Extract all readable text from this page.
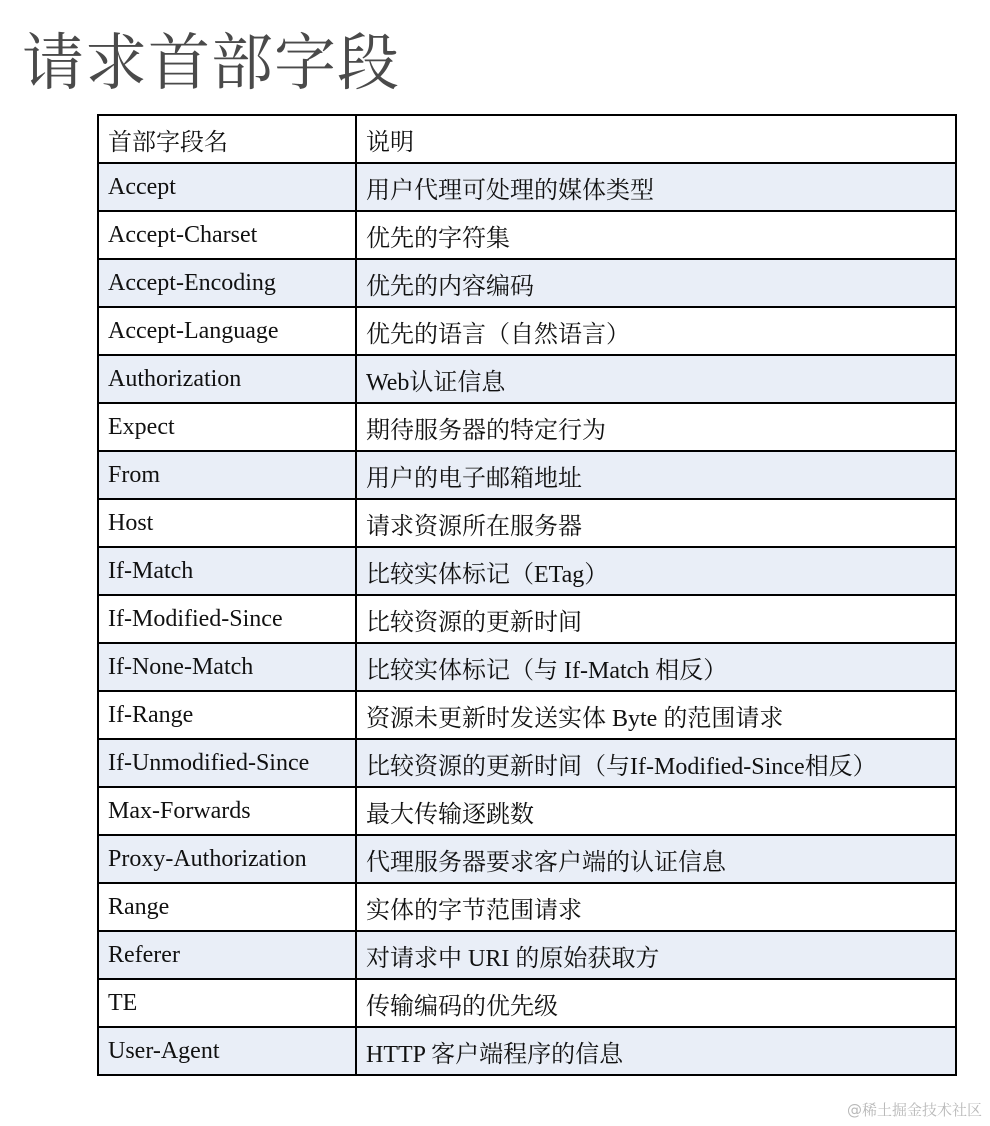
请求首部字段
首部字段名	说明
Accept	用户代理可处理的媒体类型
Accept-Charset	优先的字符集
Accept-Encoding	优先的内容编码
Accept-Language	优先的语言（自然语言）
Authorization	Web认证信息
Expect	期待服务器的特定行为
From	用户的电子邮箱地址
Host	请求资源所在服务器
If-Match	比较实体标记（ETag）
If-Modified-Since	比较资源的更新时间
If-None-Match	比较实体标记（与 If-Match 相反）
If-Range	资源未更新时发送实体 Byte 的范围请求
If-Unmodified-Since	比较资源的更新时间（与If-Modified-Since相反）
Max-Forwards	最大传输逐跳数
Proxy-Authorization	代理服务器要求客户端的认证信息
Range	实体的字节范围请求
Referer	对请求中 URI 的原始获取方
TE	传输编码的优先级
User-Agent	HTTP 客户端程序的信息
@稀土掘金技术社区
